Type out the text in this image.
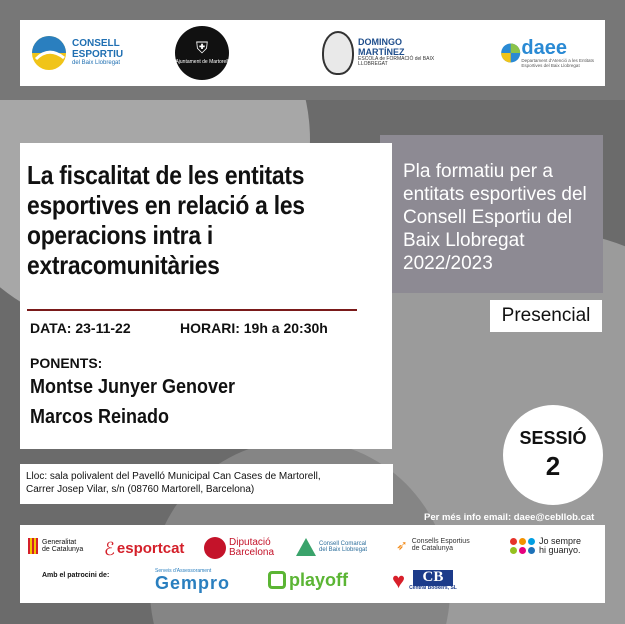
CONSELL
ESPORTIU
del Baix Llobregat
⛨
Ajuntament de Martorell
DOMINGO
MARTÍNEZ
ESCOLA de FORMACIÓ del BAIX LLOBREGAT
daee
Departament d'Atenció a les Entitats Esportives del Baix Llobregat
Pla formatiu per a entitats esportives del Consell Esportiu del Baix Llobregat 2022/2023
Presencial
La fiscalitat de les entitats esportives en relació a les operacions intra i extracomunitàries
DATA: 23-11-22	HORARI: 19h a 20:30h
PONENTS:
Montse Junyer Genover
Marcos Reinado
SESSIÓ
2
Lloc: sala polivalent del Pavelló Municipal Can Cases de Martorell,
Carrer Josep Vilar, s/n (08760 Martorell, Barcelona)
Per més info email: daee@cebllob.cat
Generalitat
de Catalunya ℰ esportcat	Diputació
Barcelona
Consell Comarcal
del Baix Llobregat ➶ Consells Esportius
de Catalunya
Jo sempre
hi guanyo.
Amb el patrocini de:
Serveis d'Assessorament
Gempro	playoff ♥	CB
Central Bookers, SL
